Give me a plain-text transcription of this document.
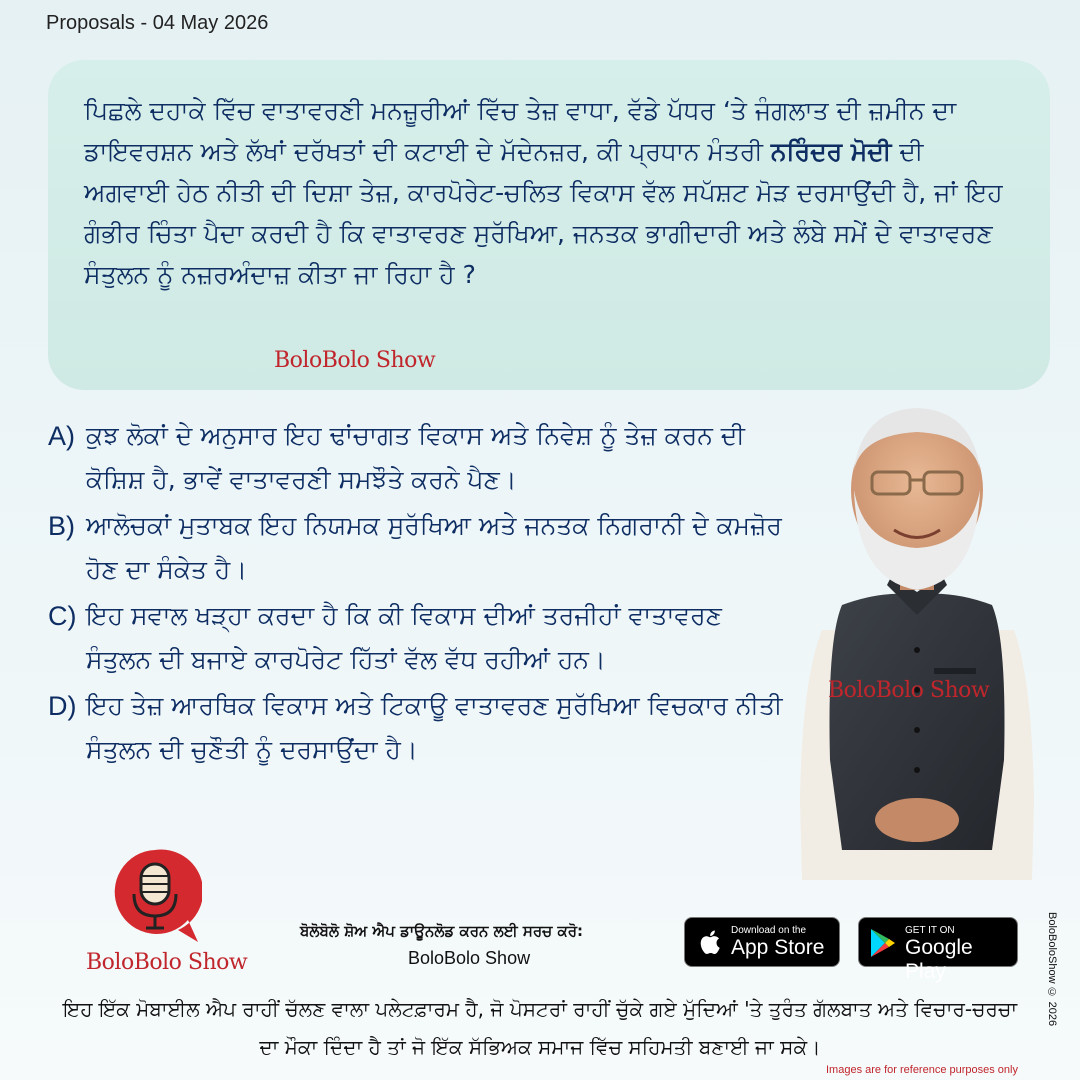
Proposals - 04 May 2026
ਪਿਛਲੇ ਦਹਾਕੇ ਵਿੱਚ ਵਾਤਾਵਰਣੀ ਮਨਜ਼ੂਰੀਆਂ ਵਿੱਚ ਤੇਜ਼ ਵਾਧਾ, ਵੱਡੇ ਪੱਧਰ ‘ਤੇ ਜੰਗਲਾਤ ਦੀ ਜ਼ਮੀਨ ਦਾ ਡਾਇਵਰਸ਼ਨ ਅਤੇ ਲੱਖਾਂ ਦਰੱਖਤਾਂ ਦੀ ਕਟਾਈ ਦੇ ਮੱਦੇਨਜ਼ਰ, ਕੀ ਪ੍ਰਧਾਨ ਮੰਤਰੀ ਨਰਿੰਦਰ ਮੋਦੀ ਦੀ ਅਗਵਾਈ ਹੇਠ ਨੀਤੀ ਦੀ ਦਿਸ਼ਾ ਤੇਜ਼, ਕਾਰਪੋਰੇਟ-ਚਲਿਤ ਵਿਕਾਸ ਵੱਲ ਸਪੱਸ਼ਟ ਮੋੜ ਦਰਸਾਉਂਦੀ ਹੈ, ਜਾਂ ਇਹ ਗੰਭੀਰ ਚਿੰਤਾ ਪੈਦਾ ਕਰਦੀ ਹੈ ਕਿ ਵਾਤਾਵਰਣ ਸੁਰੱਖਿਆ, ਜਨਤਕ ਭਾਗੀਦਾਰੀ ਅਤੇ ਲੰਬੇ ਸਮੇਂ ਦੇ ਵਾਤਾਵਰਣ ਸੰਤੁਲਨ ਨੂੰ ਨਜ਼ਰਅੰਦਾਜ਼ ਕੀਤਾ ਜਾ ਰਿਹਾ ਹੈ ?
BoloBolo Show
A) ਕੁਝ ਲੋਕਾਂ ਦੇ ਅਨੁਸਾਰ ਇਹ ਢਾਂਚਾਗਤ ਵਿਕਾਸ ਅਤੇ ਨਿਵੇਸ਼ ਨੂੰ ਤੇਜ਼ ਕਰਨ ਦੀ ਕੋਸ਼ਿਸ਼ ਹੈ, ਭਾਵੇਂ ਵਾਤਾਵਰਣੀ ਸਮਝੌਤੇ ਕਰਨੇ ਪੈਣ।
B) ਆਲੋਚਕਾਂ ਮੁਤਾਬਕ ਇਹ ਨਿਯਮਕ ਸੁਰੱਖਿਆ ਅਤੇ ਜਨਤਕ ਨਿਗਰਾਨੀ ਦੇ ਕਮਜ਼ੋਰ ਹੋਣ ਦਾ ਸੰਕੇਤ ਹੈ।
C) ਇਹ ਸਵਾਲ ਖੜ੍ਹਾ ਕਰਦਾ ਹੈ ਕਿ ਕੀ ਵਿਕਾਸ ਦੀਆਂ ਤਰਜੀਹਾਂ ਵਾਤਾਵਰਣ ਸੰਤੁਲਨ ਦੀ ਬਜਾਏ ਕਾਰਪੋਰੇਟ ਹਿੱਤਾਂ ਵੱਲ ਵੱਧ ਰਹੀਆਂ ਹਨ।
D) ਇਹ ਤੇਜ਼ ਆਰਥਿਕ ਵਿਕਾਸ ਅਤੇ ਟਿਕਾਊ ਵਾਤਾਵਰਣ ਸੁਰੱਖਿਆ ਵਿਚਕਾਰ ਨੀਤੀ ਸੰਤੁਲਨ ਦੀ ਚੁਣੌਤੀ ਨੂੰ ਦਰਸਾਉਂਦਾ ਹੈ।
BoloBolo Show
BoloBolo Show
ਬੋਲੋਬੋਲੋ ਸ਼ੋਅ ਐਪ ਡਾਊਨਲੋਡ ਕਰਨ ਲਈ ਸਰਚ ਕਰੋ:
BoloBolo Show
Download on the
App Store
GET IT ON
Google Play
ਇਹ ਇੱਕ ਮੋਬਾਈਲ ਐਪ ਰਾਹੀਂ ਚੱਲਣ ਵਾਲਾ ਪਲੇਟਫ਼ਾਰਮ ਹੈ, ਜੋ ਪੋਸਟਰਾਂ ਰਾਹੀਂ ਚੁੱਕੇ ਗਏ ਮੁੱਦਿਆਂ 'ਤੇ ਤੁਰੰਤ ਗੱਲਬਾਤ ਅਤੇ ਵਿਚਾਰ-ਚਰਚਾ ਦਾ ਮੌਕਾ ਦਿੰਦਾ ਹੈ ਤਾਂ ਜੋ ਇੱਕ ਸੱਭਿਅਕ ਸਮਾਜ ਵਿੱਚ ਸਹਿਮਤੀ ਬਣਾਈ ਜਾ ਸਕੇ।
BoloBoloShow © 2026
Images are for reference purposes only
